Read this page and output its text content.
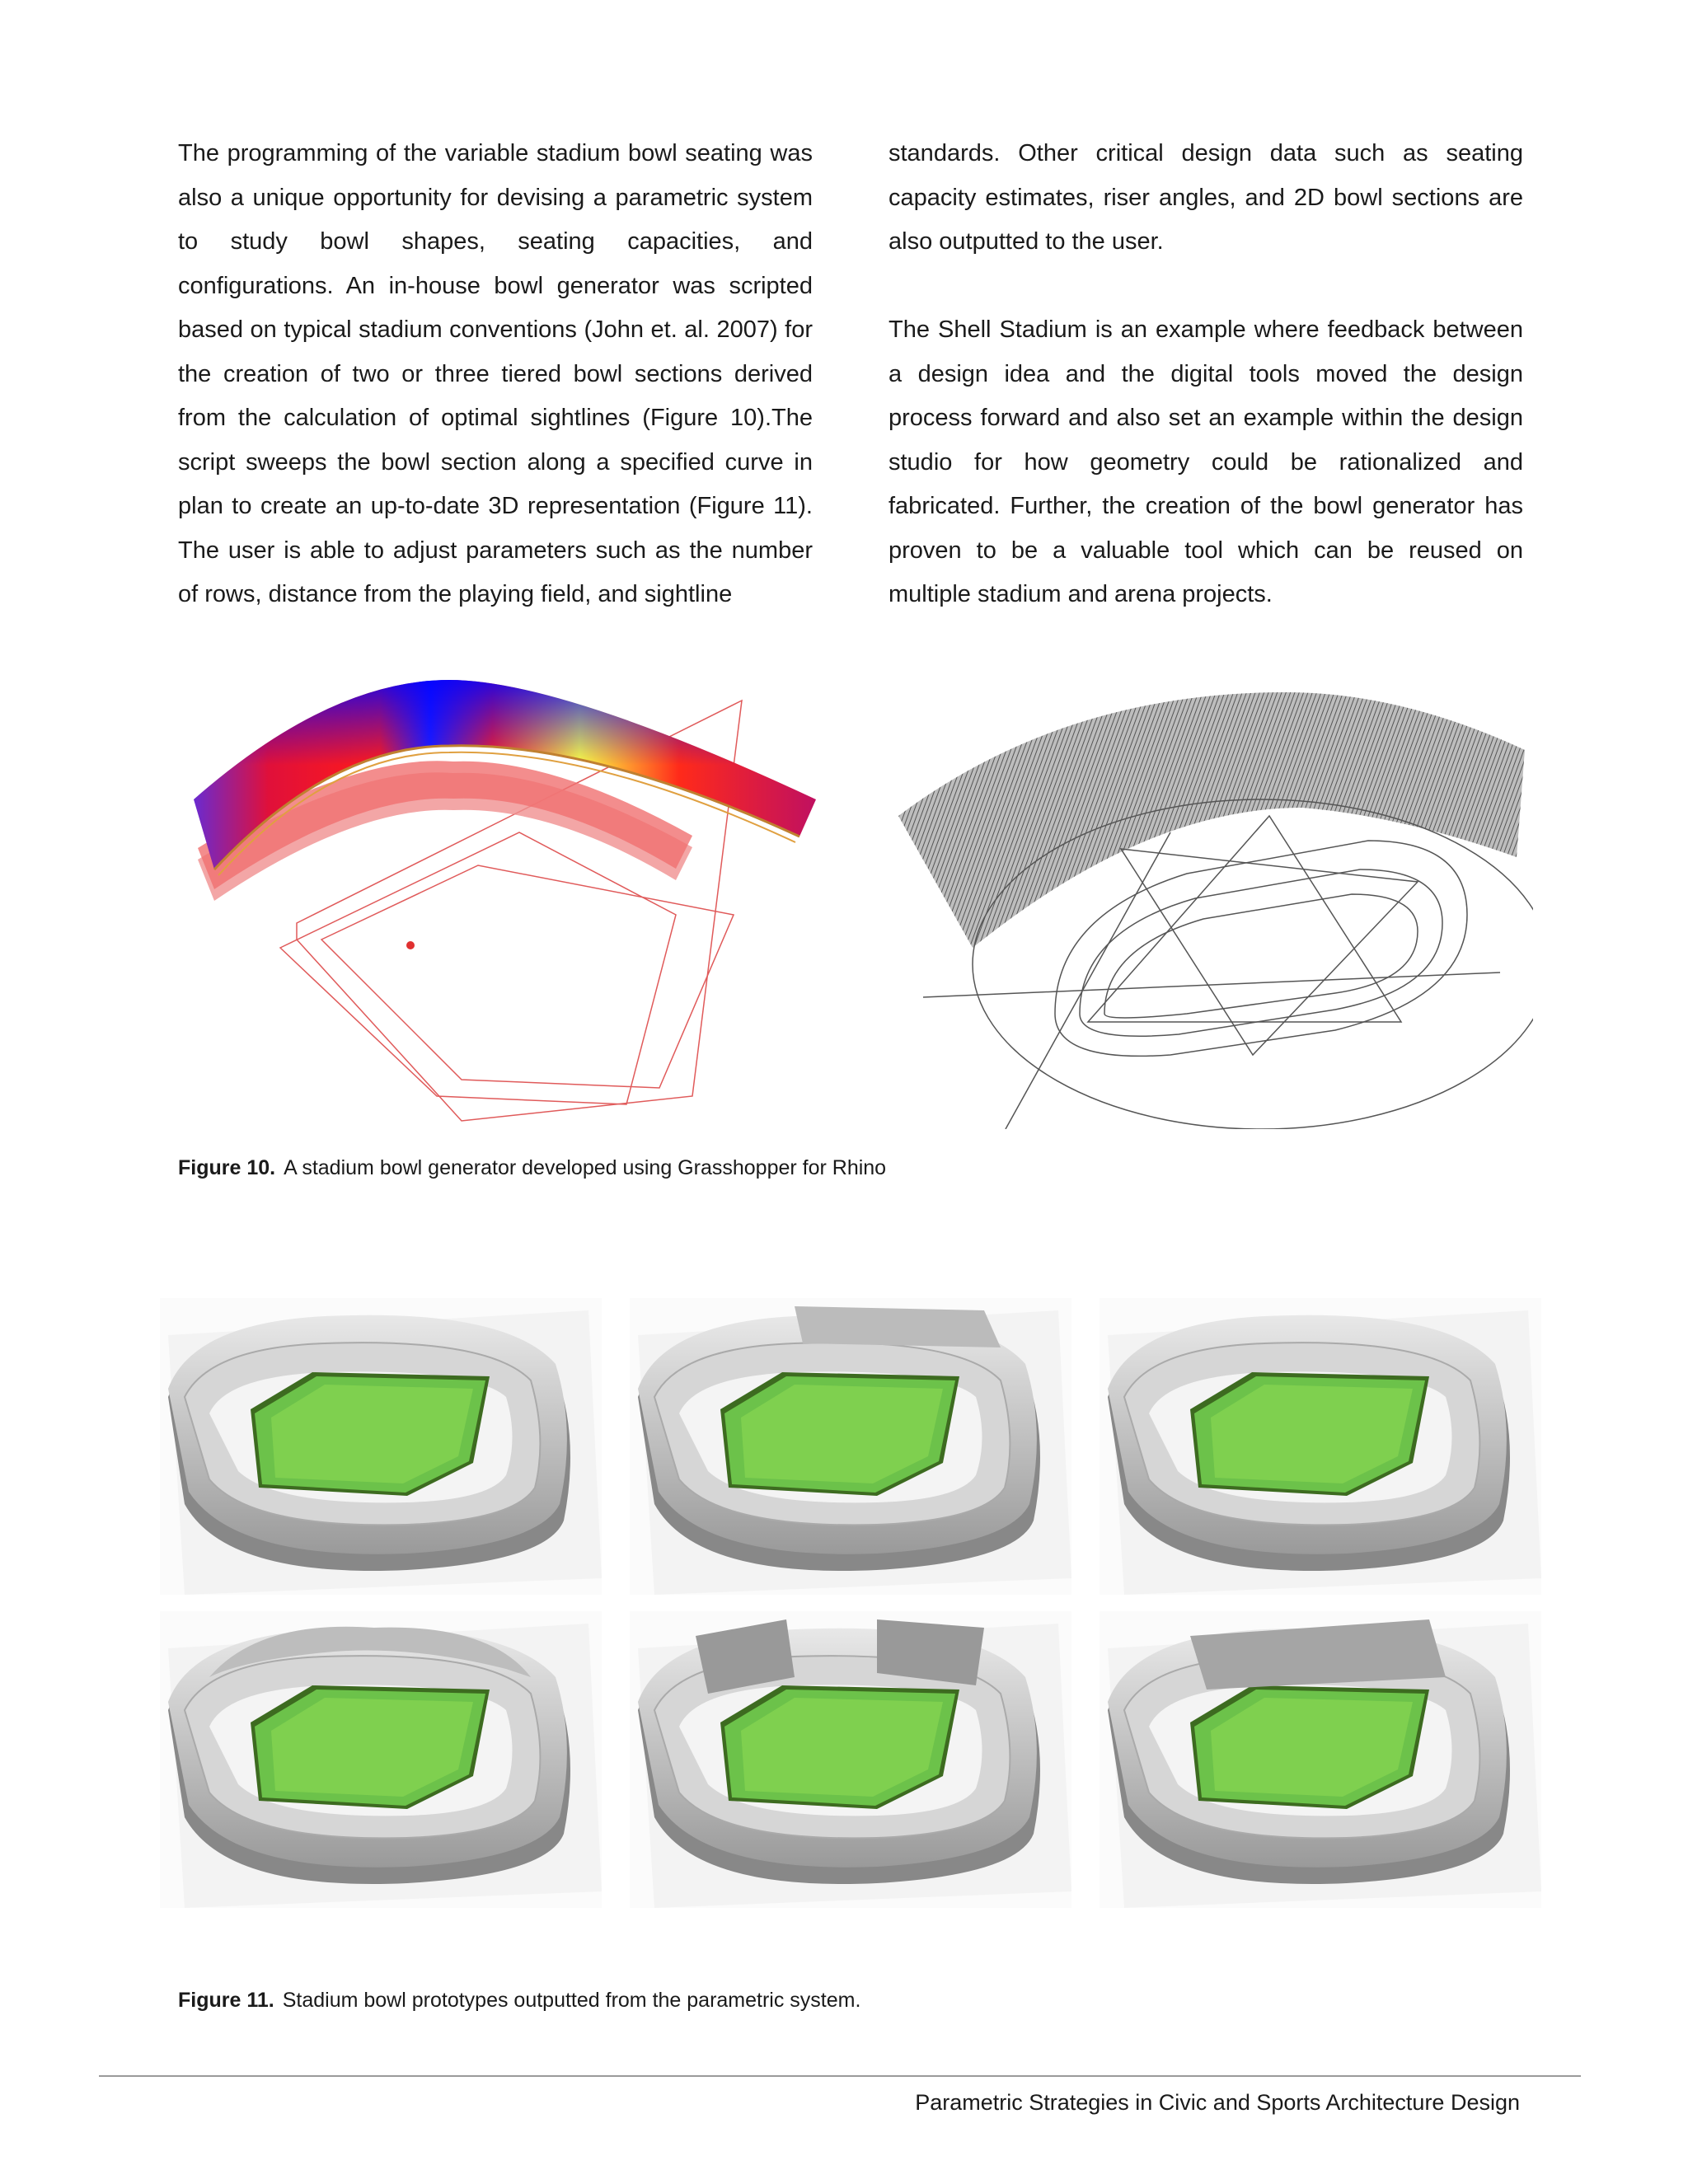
The programming of the variable stadium bowl seating was also a unique opportunity for devising a parametric system to study bowl shapes, seating capacities, and configurations. An in-house bowl generator was scripted based on typical stadium conventions (John et. al. 2007) for the creation of two or three tiered bowl sections derived from the calculation of optimal sightlines (Figure 10).The script sweeps the bowl section along a specified curve in plan to create an up-to-date 3D representation (Figure 11). The user is able to adjust parameters such as the number of rows, distance from the playing field, and sightline

standards. Other critical design data such as seating capacity estimates, riser angles, and 2D bowl sections are also outputted to the user.

The Shell Stadium is an example where feedback between a design idea and the digital tools moved the design process forward and also set an example within the design studio for how geometry could be rationalized and fabricated. Further, the creation of the bowl generator has proven to be a valuable tool which can be reused on multiple stadium and arena projects.

Figure 10. A stadium bowl generator developed using Grasshopper for Rhino
Figure 11. Stadium bowl prototypes outputted from the parametric system.
Parametric Strategies in Civic and Sports Architecture Design
